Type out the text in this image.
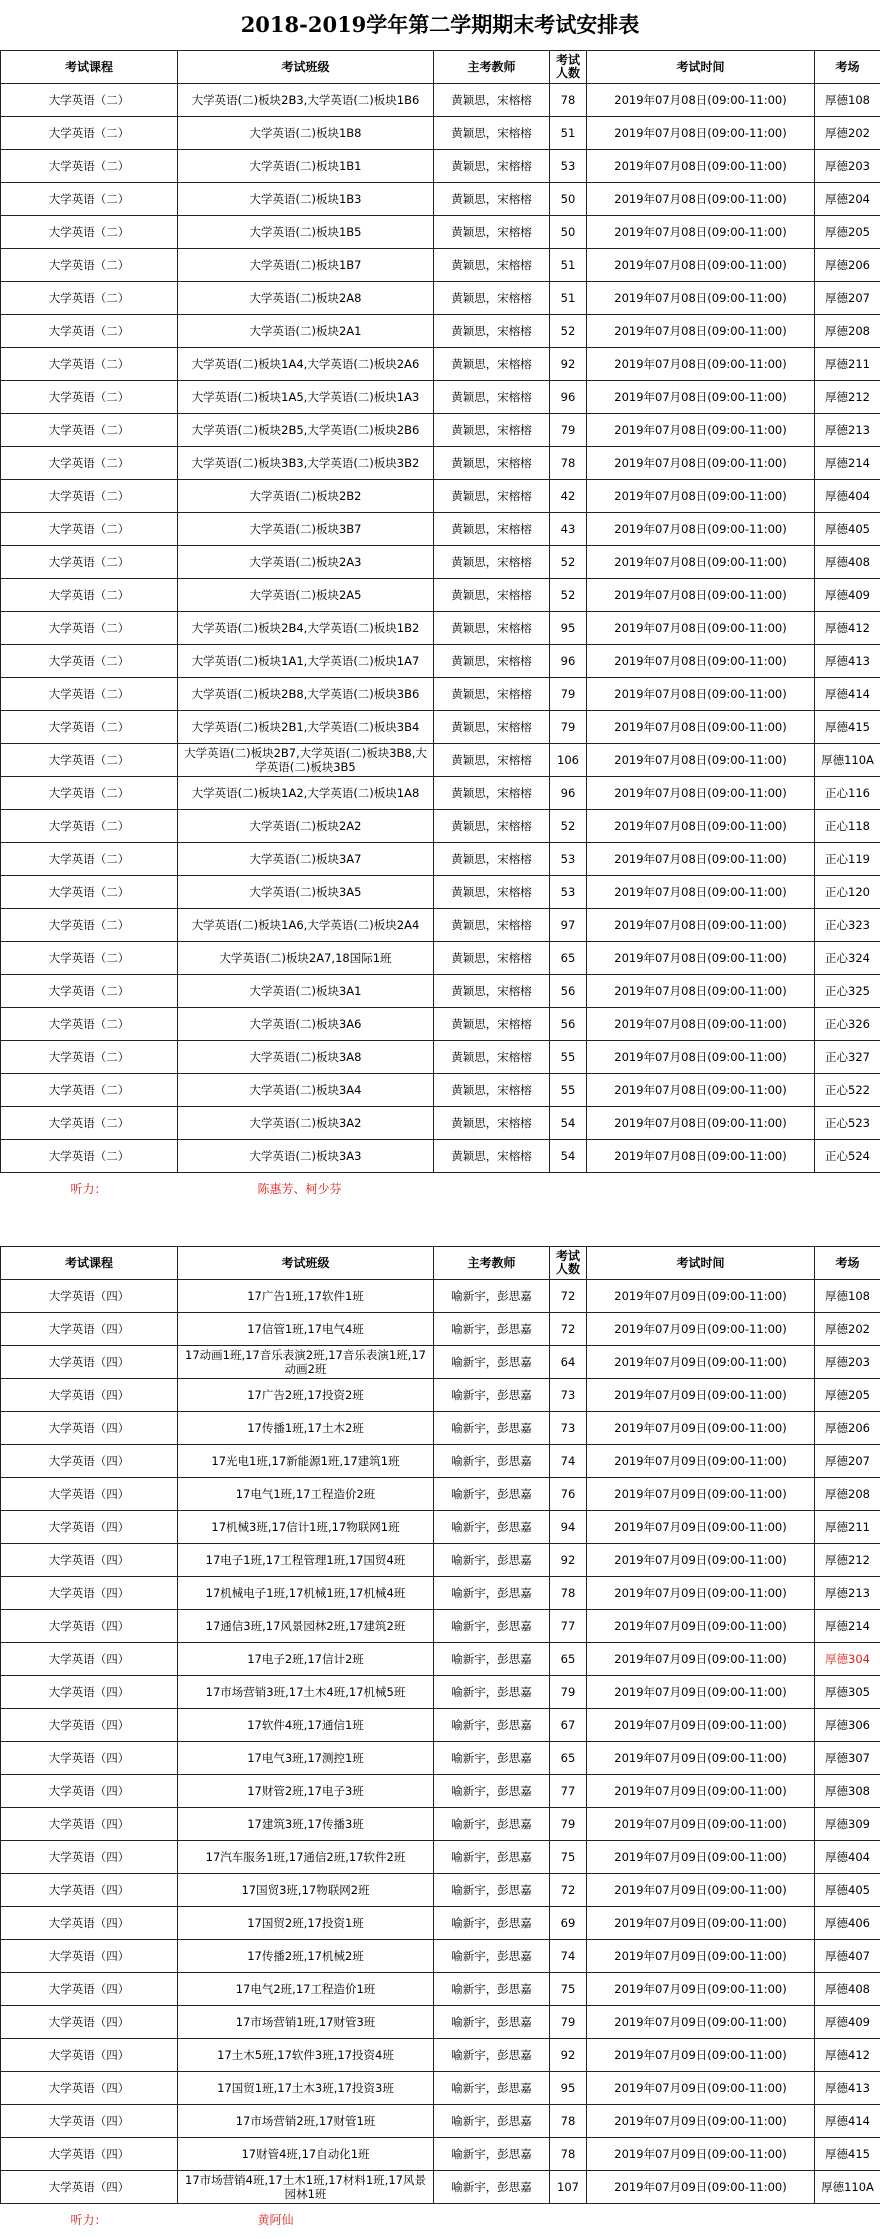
2018-2019学年第二学期期末考试安排表
考试课程	考试班级	主考教师	考试人数	考试时间	考场
大学英语（二）	大学英语(二)板块2B3,大学英语(二)板块1B6	黄颖思，宋榕榕	78	2019年07月08日(09:00-11:00)	厚德108
大学英语（二）	大学英语(二)板块1B8	黄颖思，宋榕榕	51	2019年07月08日(09:00-11:00)	厚德202
大学英语（二）	大学英语(二)板块1B1	黄颖思，宋榕榕	53	2019年07月08日(09:00-11:00)	厚德203
大学英语（二）	大学英语(二)板块1B3	黄颖思，宋榕榕	50	2019年07月08日(09:00-11:00)	厚德204
大学英语（二）	大学英语(二)板块1B5	黄颖思，宋榕榕	50	2019年07月08日(09:00-11:00)	厚德205
大学英语（二）	大学英语(二)板块1B7	黄颖思，宋榕榕	51	2019年07月08日(09:00-11:00)	厚德206
大学英语（二）	大学英语(二)板块2A8	黄颖思，宋榕榕	51	2019年07月08日(09:00-11:00)	厚德207
大学英语（二）	大学英语(二)板块2A1	黄颖思，宋榕榕	52	2019年07月08日(09:00-11:00)	厚德208
大学英语（二）	大学英语(二)板块1A4,大学英语(二)板块2A6	黄颖思，宋榕榕	92	2019年07月08日(09:00-11:00)	厚德211
大学英语（二）	大学英语(二)板块1A5,大学英语(二)板块1A3	黄颖思，宋榕榕	96	2019年07月08日(09:00-11:00)	厚德212
大学英语（二）	大学英语(二)板块2B5,大学英语(二)板块2B6	黄颖思，宋榕榕	79	2019年07月08日(09:00-11:00)	厚德213
大学英语（二）	大学英语(二)板块3B3,大学英语(二)板块3B2	黄颖思，宋榕榕	78	2019年07月08日(09:00-11:00)	厚德214
大学英语（二）	大学英语(二)板块2B2	黄颖思，宋榕榕	42	2019年07月08日(09:00-11:00)	厚德404
大学英语（二）	大学英语(二)板块3B7	黄颖思，宋榕榕	43	2019年07月08日(09:00-11:00)	厚德405
大学英语（二）	大学英语(二)板块2A3	黄颖思，宋榕榕	52	2019年07月08日(09:00-11:00)	厚德408
大学英语（二）	大学英语(二)板块2A5	黄颖思，宋榕榕	52	2019年07月08日(09:00-11:00)	厚德409
大学英语（二）	大学英语(二)板块2B4,大学英语(二)板块1B2	黄颖思，宋榕榕	95	2019年07月08日(09:00-11:00)	厚德412
大学英语（二）	大学英语(二)板块1A1,大学英语(二)板块1A7	黄颖思，宋榕榕	96	2019年07月08日(09:00-11:00)	厚德413
大学英语（二）	大学英语(二)板块2B8,大学英语(二)板块3B6	黄颖思，宋榕榕	79	2019年07月08日(09:00-11:00)	厚德414
大学英语（二）	大学英语(二)板块2B1,大学英语(二)板块3B4	黄颖思，宋榕榕	79	2019年07月08日(09:00-11:00)	厚德415
大学英语（二）	大学英语(二)板块2B7,大学英语(二)板块3B8,大学英语(二)板块3B5	黄颖思，宋榕榕	106	2019年07月08日(09:00-11:00)	厚德110A
大学英语（二）	大学英语(二)板块1A2,大学英语(二)板块1A8	黄颖思，宋榕榕	96	2019年07月08日(09:00-11:00)	正心116
大学英语（二）	大学英语(二)板块2A2	黄颖思，宋榕榕	52	2019年07月08日(09:00-11:00)	正心118
大学英语（二）	大学英语(二)板块3A7	黄颖思，宋榕榕	53	2019年07月08日(09:00-11:00)	正心119
大学英语（二）	大学英语(二)板块3A5	黄颖思，宋榕榕	53	2019年07月08日(09:00-11:00)	正心120
大学英语（二）	大学英语(二)板块1A6,大学英语(二)板块2A4	黄颖思，宋榕榕	97	2019年07月08日(09:00-11:00)	正心323
大学英语（二）	大学英语(二)板块2A7,18国际1班	黄颖思，宋榕榕	65	2019年07月08日(09:00-11:00)	正心324
大学英语（二）	大学英语(二)板块3A1	黄颖思，宋榕榕	56	2019年07月08日(09:00-11:00)	正心325
大学英语（二）	大学英语(二)板块3A6	黄颖思，宋榕榕	56	2019年07月08日(09:00-11:00)	正心326
大学英语（二）	大学英语(二)板块3A8	黄颖思，宋榕榕	55	2019年07月08日(09:00-11:00)	正心327
大学英语（二）	大学英语(二)板块3A4	黄颖思，宋榕榕	55	2019年07月08日(09:00-11:00)	正心522
大学英语（二）	大学英语(二)板块3A2	黄颖思，宋榕榕	54	2019年07月08日(09:00-11:00)	正心523
大学英语（二）	大学英语(二)板块3A3	黄颖思，宋榕榕	54	2019年07月08日(09:00-11:00)	正心524
听力：	陈惠芳、柯少芬				
考试课程	考试班级	主考教师	考试人数	考试时间	考场
大学英语（四）	17广告1班,17软件1班	喻新宇，彭思嘉	72	2019年07月09日(09:00-11:00)	厚德108
大学英语（四）	17信管1班,17电气4班	喻新宇，彭思嘉	72	2019年07月09日(09:00-11:00)	厚德202
大学英语（四）	17动画1班,17音乐表演2班,17音乐表演1班,17动画2班	喻新宇，彭思嘉	64	2019年07月09日(09:00-11:00)	厚德203
大学英语（四）	17广告2班,17投资2班	喻新宇，彭思嘉	73	2019年07月09日(09:00-11:00)	厚德205
大学英语（四）	17传播1班,17土木2班	喻新宇，彭思嘉	73	2019年07月09日(09:00-11:00)	厚德206
大学英语（四）	17光电1班,17新能源1班,17建筑1班	喻新宇，彭思嘉	74	2019年07月09日(09:00-11:00)	厚德207
大学英语（四）	17电气1班,17工程造价2班	喻新宇，彭思嘉	76	2019年07月09日(09:00-11:00)	厚德208
大学英语（四）	17机械3班,17信计1班,17物联网1班	喻新宇，彭思嘉	94	2019年07月09日(09:00-11:00)	厚德211
大学英语（四）	17电子1班,17工程管理1班,17国贸4班	喻新宇，彭思嘉	92	2019年07月09日(09:00-11:00)	厚德212
大学英语（四）	17机械电子1班,17机械1班,17机械4班	喻新宇，彭思嘉	78	2019年07月09日(09:00-11:00)	厚德213
大学英语（四）	17通信3班,17风景园林2班,17建筑2班	喻新宇，彭思嘉	77	2019年07月09日(09:00-11:00)	厚德214
大学英语（四）	17电子2班,17信计2班	喻新宇，彭思嘉	65	2019年07月09日(09:00-11:00)	厚德304
大学英语（四）	17市场营销3班,17土木4班,17机械5班	喻新宇，彭思嘉	79	2019年07月09日(09:00-11:00)	厚德305
大学英语（四）	17软件4班,17通信1班	喻新宇，彭思嘉	67	2019年07月09日(09:00-11:00)	厚德306
大学英语（四）	17电气3班,17测控1班	喻新宇，彭思嘉	65	2019年07月09日(09:00-11:00)	厚德307
大学英语（四）	17财管2班,17电子3班	喻新宇，彭思嘉	77	2019年07月09日(09:00-11:00)	厚德308
大学英语（四）	17建筑3班,17传播3班	喻新宇，彭思嘉	79	2019年07月09日(09:00-11:00)	厚德309
大学英语（四）	17汽车服务1班,17通信2班,17软件2班	喻新宇，彭思嘉	75	2019年07月09日(09:00-11:00)	厚德404
大学英语（四）	17国贸3班,17物联网2班	喻新宇，彭思嘉	72	2019年07月09日(09:00-11:00)	厚德405
大学英语（四）	17国贸2班,17投资1班	喻新宇，彭思嘉	69	2019年07月09日(09:00-11:00)	厚德406
大学英语（四）	17传播2班,17机械2班	喻新宇，彭思嘉	74	2019年07月09日(09:00-11:00)	厚德407
大学英语（四）	17电气2班,17工程造价1班	喻新宇，彭思嘉	75	2019年07月09日(09:00-11:00)	厚德408
大学英语（四）	17市场营销1班,17财管3班	喻新宇，彭思嘉	79	2019年07月09日(09:00-11:00)	厚德409
大学英语（四）	17土木5班,17软件3班,17投资4班	喻新宇，彭思嘉	92	2019年07月09日(09:00-11:00)	厚德412
大学英语（四）	17国贸1班,17土木3班,17投资3班	喻新宇，彭思嘉	95	2019年07月09日(09:00-11:00)	厚德413
大学英语（四）	17市场营销2班,17财管1班	喻新宇，彭思嘉	78	2019年07月09日(09:00-11:00)	厚德414
大学英语（四）	17财管4班,17自动化1班	喻新宇，彭思嘉	78	2019年07月09日(09:00-11:00)	厚德415
大学英语（四）	17市场营销4班,17土木1班,17材料1班,17风景园林1班	喻新宇，彭思嘉	107	2019年07月09日(09:00-11:00)	厚德110A
听力：	黄阿仙				
